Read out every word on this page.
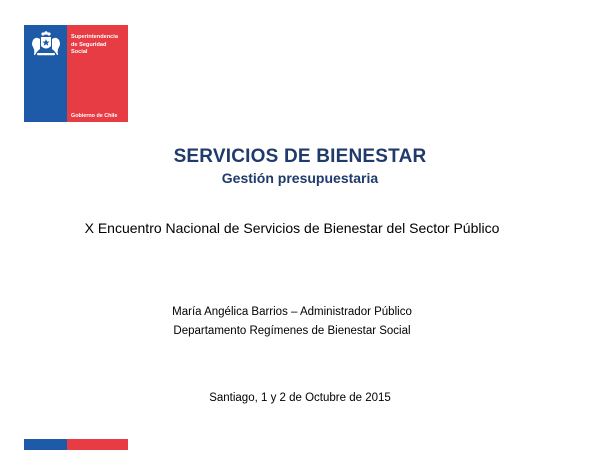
Superintendencia
de Seguridad
Social
Gobierno de Chile
SERVICIOS DE BIENESTAR
Gestión presupuestaria
X Encuentro Nacional de Servicios de Bienestar del Sector Público
María Angélica Barrios – Administrador Público
Departamento Regímenes de Bienestar Social
Santiago, 1 y 2 de Octubre de 2015
